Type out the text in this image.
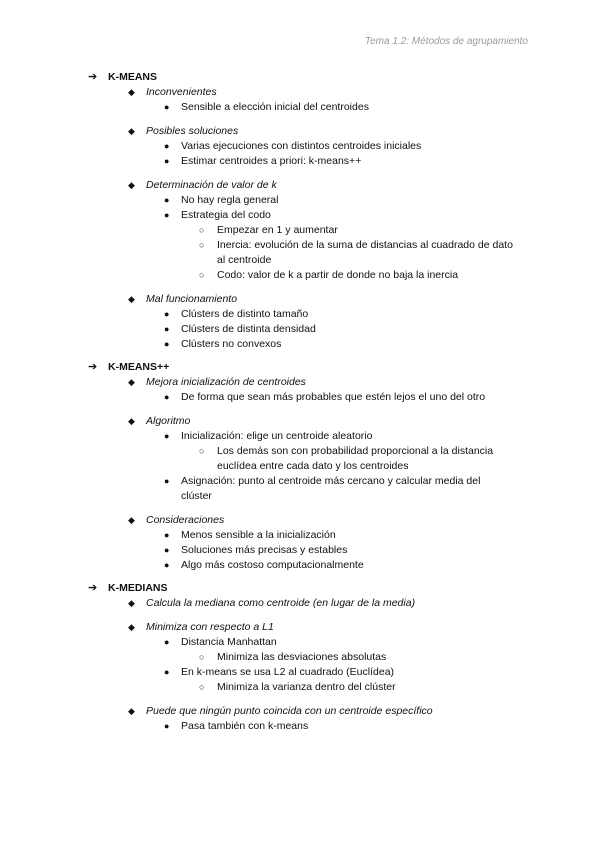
Tema 1.2: Métodos de agrupamiento
➔ K-MEANS
◆ Inconvenientes
● Sensible a elección inicial del centroides
◆ Posibles soluciones
● Varias ejecuciones con distintos centroides iniciales
● Estimar centroides a priori: k-means++
◆ Determinación de valor de k
● No hay regla general
● Estrategia del codo
○ Empezar en 1 y aumentar
○ Inercia: evolución de la suma de distancias al cuadrado de dato al centroide
○ Codo: valor de k a partir de donde no baja la inercia
◆ Mal funcionamiento
● Clústers de distinto tamaño
● Clústers de distinta densidad
● Clústers no convexos
➔ K-MEANS++
◆ Mejora inicialización de centroides
● De forma que sean más probables que estén lejos el uno del otro
◆ Algoritmo
● Inicialización: elige un centroide aleatorio
○ Los demás son con probabilidad proporcional a la distancia euclídea entre cada dato y los centroides
● Asignación: punto al centroide más cercano y calcular media del clúster
◆ Consideraciones
● Menos sensible a la inicialización
● Soluciones más precisas y estables
● Algo más costoso computacionalmente
➔ K-MEDIANS
◆ Calcula la mediana como centroide (en lugar de la media)
◆ Minimiza con respecto a L1
● Distancia Manhattan
○ Minimiza las desviaciones absolutas
● En k-means se usa L2 al cuadrado (Euclídea)
○ Minimiza la varianza dentro del clúster
◆ Puede que ningún punto coincida con un centroide específico
● Pasa también con k-means
